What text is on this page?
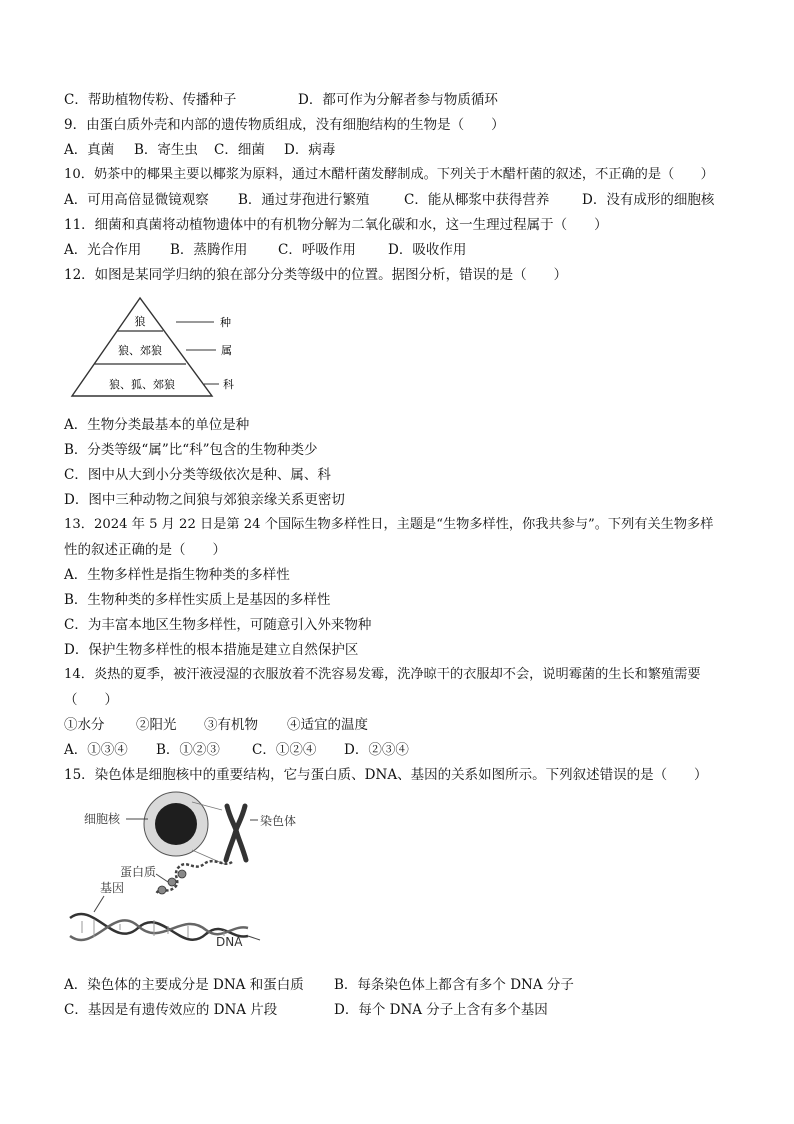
C．帮助植物传粉、传播种子	D．都可作为分解者参与物质循环
9．由蛋白质外壳和内部的遗传物质组成，没有细胞结构的生物是（　　）
A．真菌 B．寄生虫 C．细菌 D．病毒
10．奶茶中的椰果主要以椰浆为原料，通过木醋杆菌发酵制成。下列关于木醋杆菌的叙述，不正确的是（　　）
A．可用高倍显微镜观察 B．通过芽孢进行繁殖	C．能从椰浆中获得营养 D．没有成形的细胞核
11．细菌和真菌将动植物遗体中的有机物分解为二氧化碳和水，这一生理过程属于（　　）
A．光合作用 B．蒸腾作用 C．呼吸作用 D．吸收作用
12．如图是某同学归纳的狼在部分分类等级中的位置。据图分析，错误的是（　　）
狼
狼、郊狼
狼、狐、郊狼
种
属
科
A．生物分类最基本的单位是种
B．分类等级“属”比“科”包含的生物种类少
C．图中从大到小分类等级依次是种、属、科
D．图中三种动物之间狼与郊狼亲缘关系更密切
13．2024 年 5 月 22 日是第 24 个国际生物多样性日，主题是“生物多样性，你我共参与”。下列有关生物多样
性的叙述正确的是（　　）
A．生物多样性是指生物种类的多样性
B．生物种类的多样性实质上是基因的多样性
C．为丰富本地区生物多样性，可随意引入外来物种
D．保护生物多样性的根本措施是建立自然保护区
14．炎热的夏季，被汗液浸湿的衣服放着不洗容易发霉，洗净晾干的衣服却不会，说明霉菌的生长和繁殖需要
（　　）
①水分 ②阳光 ③有机物 ④适宜的温度
A．①③④ B．①②③ C．①②④ D．②③④
15．染色体是细胞核中的重要结构，它与蛋白质、DNA、基因的关系如图所示。下列叙述错误的是（　　）
细胞核	染色体
蛋白质
基因
DNA
A．染色体的主要成分是 DNA 和蛋白质 B．每条染色体上都含有多个 DNA 分子
C．基因是有遗传效应的 DNA 片段	D．每个 DNA 分子上含有多个基因
